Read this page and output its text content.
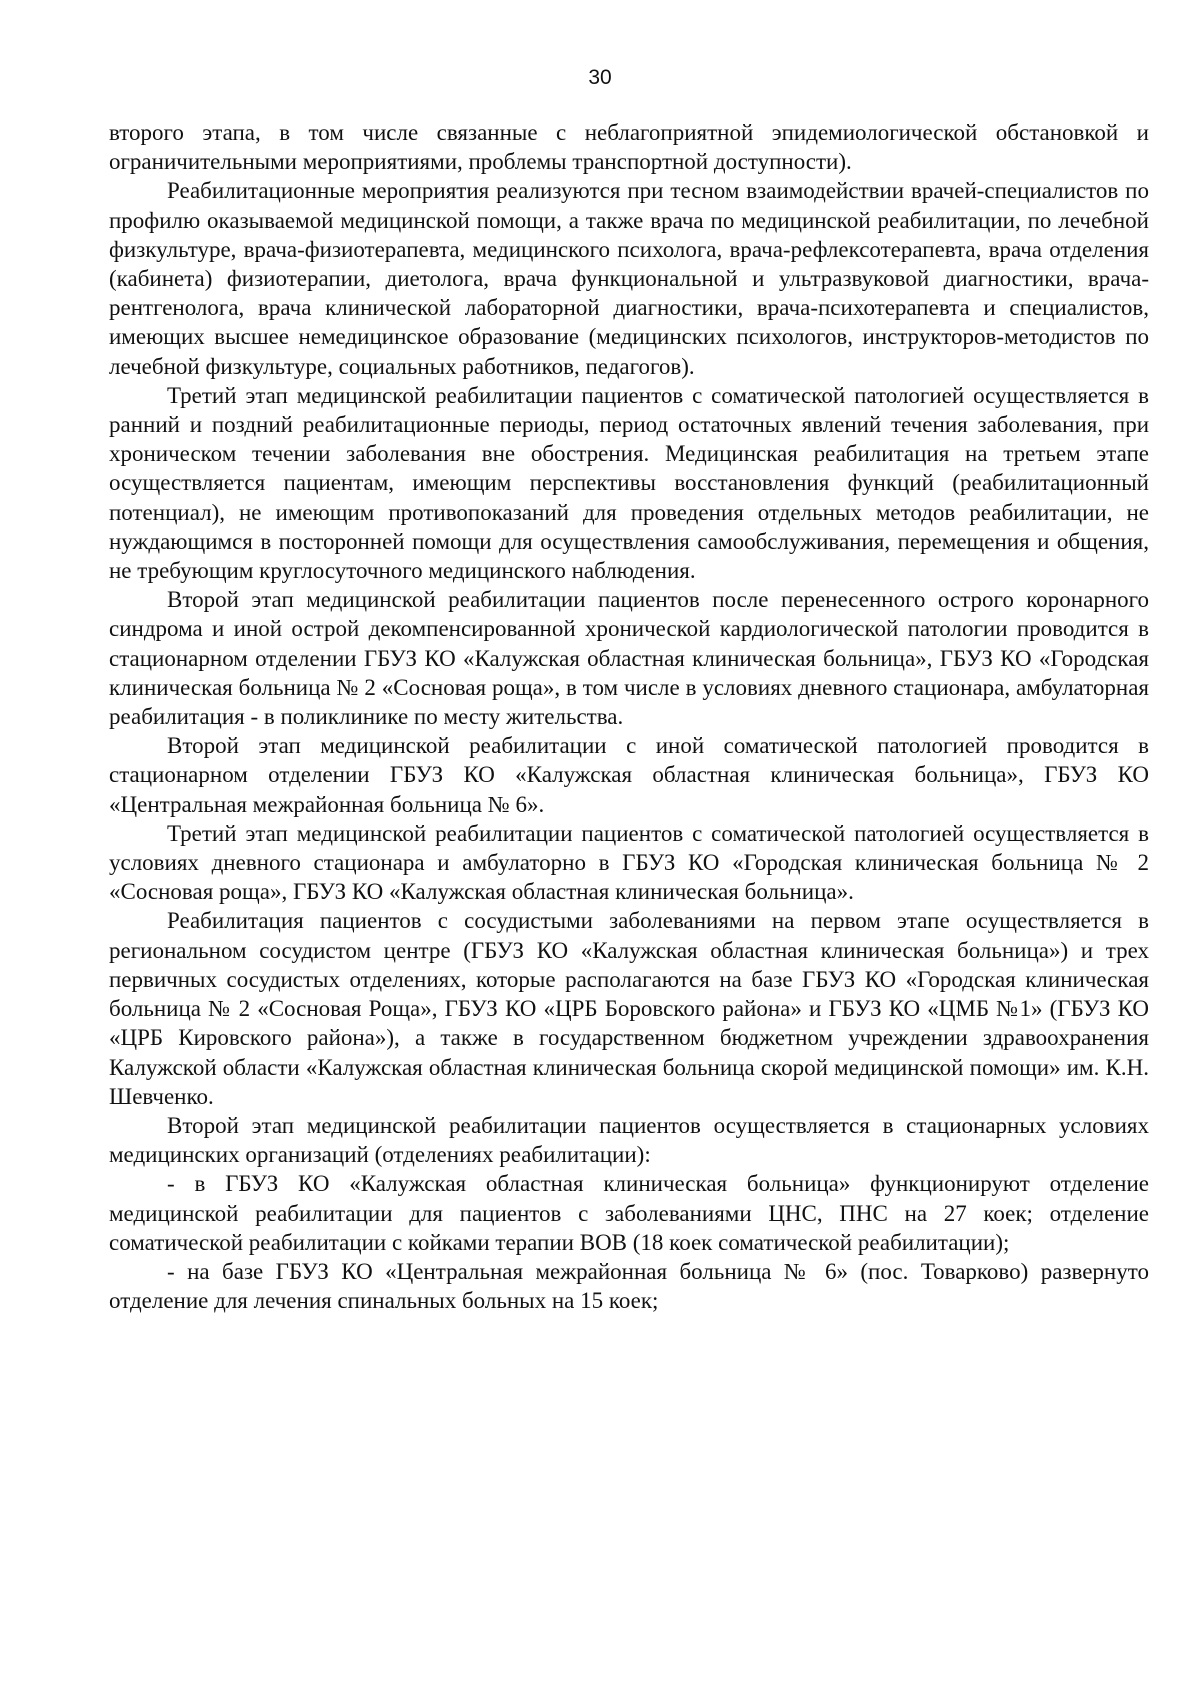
30

второго этапа, в том числе связанные с неблагоприятной эпидемиологической обстановкой и ограничительными мероприятиями, проблемы транспортной доступности).

Реабилитационные мероприятия реализуются при тесном взаимодействии врачей-специалистов по профилю оказываемой медицинской помощи, а также врача по медицинской реабилитации, по лечебной физкультуре, врача-физиотерапевта, медицинского психолога, врача-рефлексотерапевта, врача отделения (кабинета) физиотерапии, диетолога, врача функциональной и ультразвуковой диагностики, врача-рентгенолога, врача клинической лабораторной диагностики, врача-психотерапевта и специалистов, имеющих высшее немедицинское образование (медицинских психологов, инструкторов-методистов по лечебной физкультуре, социальных работников, педагогов).

Третий этап медицинской реабилитации пациентов с соматической патологией осуществляется в ранний и поздний реабилитационные периоды, период остаточных явлений течения заболевания, при хроническом течении заболевания вне обострения. Медицинская реабилитация на третьем этапе осуществляется пациентам, имеющим перспективы восстановления функций (реабилитационный потенциал), не имеющим противопоказаний для проведения отдельных методов реабилитации, не нуждающимся в посторонней помощи для осуществления самообслуживания, перемещения и общения, не требующим круглосуточного медицинского наблюдения.

Второй этап медицинской реабилитации пациентов после перенесенного острого коронарного синдрома и иной острой декомпенсированной хронической кардиологической патологии проводится в стационарном отделении ГБУЗ КО «Калужская областная клиническая больница», ГБУЗ КО «Городская клиническая больница № 2 «Сосновая роща», в том числе в условиях дневного стационара, амбулаторная реабилитация - в поликлинике по месту жительства.

Второй этап медицинской реабилитации с иной соматической патологией проводится в стационарном отделении ГБУЗ КО «Калужская областная клиническая больница», ГБУЗ КО «Центральная межрайонная больница № 6».

Третий этап медицинской реабилитации пациентов с соматической патологией осуществляется в условиях дневного стационара и амбулаторно в ГБУЗ КО «Городская клиническая больница № 2 «Сосновая роща», ГБУЗ КО «Калужская областная клиническая больница».

Реабилитация пациентов с сосудистыми заболеваниями на первом этапе осуществляется в региональном сосудистом центре (ГБУЗ КО «Калужская областная клиническая больница») и трех первичных сосудистых отделениях, которые располагаются на базе ГБУЗ КО «Городская клиническая больница № 2 «Сосновая Роща», ГБУЗ КО «ЦРБ Боровского района» и ГБУЗ КО «ЦМБ №1» (ГБУЗ КО «ЦРБ Кировского района»), а также в государственном бюджетном учреждении здравоохранения Калужской области «Калужская областная клиническая больница скорой медицинской помощи» им. К.Н. Шевченко.

Второй этап медицинской реабилитации пациентов осуществляется в стационарных условиях медицинских организаций (отделениях реабилитации):

- в ГБУЗ КО «Калужская областная клиническая больница» функционируют отделение медицинской реабилитации для пациентов с заболеваниями ЦНС, ПНС на 27 коек; отделение соматической реабилитации с койками терапии ВОВ (18 коек соматической реабилитации);

- на базе ГБУЗ КО «Центральная межрайонная больница № 6» (пос. Товарково) развернуто отделение для лечения спинальных больных на 15 коек;
